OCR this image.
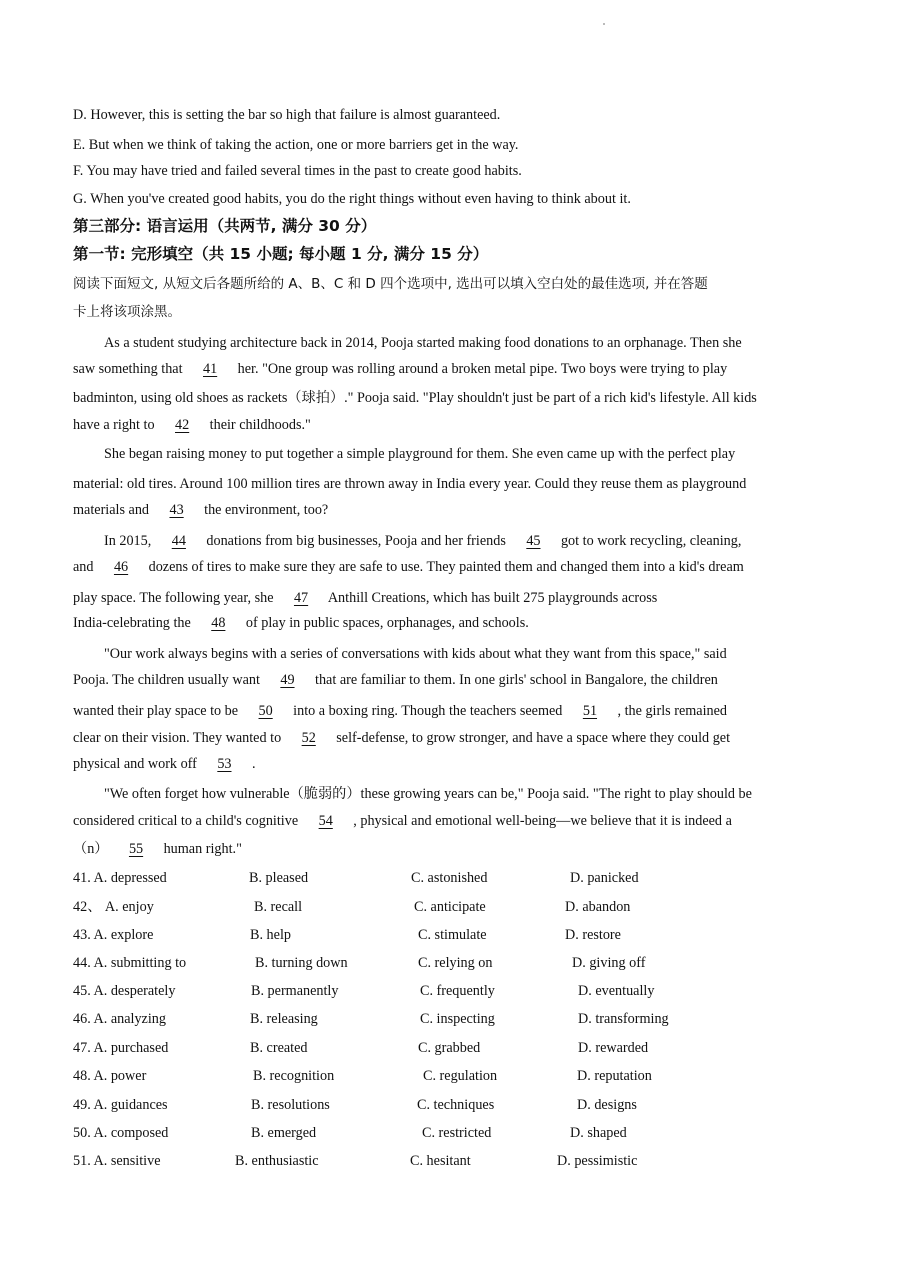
D. However, this is setting the bar so high that failure is almost guaranteed.
E. But when we think of taking the action, one or more barriers get in the way.
F. You may have tried and failed several times in the past to create good habits.
G. When you've created good habits, you do the right things without even having to think about it.
第三部分: 语言运用（共两节, 满分 30 分）
第一节: 完形填空（共 15 小题; 每小题 1 分, 满分 15 分）
阅读下面短文, 从短文后各题所给的 A、B、C 和 D 四个选项中, 选出可以填入空白处的最佳选项, 并在答题
卡上将该项涂黑。
As a student studying architecture back in 2014, Pooja started making food donations to an orphanage. Then she
saw something that 41 her. "One group was rolling around a broken metal pipe. Two boys were trying to play
badminton, using old shoes as rackets（球拍）." Pooja said. "Play shouldn't just be part of a rich kid's lifestyle. All kids
have a right to 42 their childhoods."
She began raising money to put together a simple playground for them. She even came up with the perfect play
material: old tires. Around 100 million tires are thrown away in India every year. Could they reuse them as playground
materials and 43 the environment, too?
In 2015, 44 donations from big businesses, Pooja and her friends 45 got to work recycling, cleaning,
and 46 dozens of tires to make sure they are safe to use. They painted them and changed them into a kid's dream
play space. The following year, she 47 Anthill Creations, which has built 275 playgrounds across
India-celebrating the 48 of play in public spaces, orphanages, and schools.
"Our work always begins with a series of conversations with kids about what they want from this space," said
Pooja. The children usually want 49 that are familiar to them. In one girls' school in Bangalore, the children
wanted their play space to be 50 into a boxing ring. Though the teachers seemed 51 , the girls remained
clear on their vision. They wanted to 52 self-defense, to grow stronger, and have a space where they could get
physical and work off 53 .
"We often forget how vulnerable（脆弱的）these growing years can be," Pooja said. "The right to play should be
considered critical to a child's cognitive 54 , physical and emotional well-being—we believe that it is indeed a
（n） 55 human right."
41. A. depressed	B. pleased	C. astonished	D. panicked
42、 A. enjoy	B. recall	C. anticipate	D. abandon
43. A. explore	B. help	C. stimulate	D. restore
44. A. submitting to	B. turning down	C. relying on	D. giving off
45. A. desperately	B. permanently	C. frequently	D. eventually
46. A. analyzing	B. releasing	C. inspecting	D. transforming
47. A. purchased	B. created	C. grabbed	D. rewarded
48. A. power	B. recognition	C. regulation	D. reputation
49. A. guidances	B. resolutions	C. techniques	D. designs
50. A. composed	B. emerged	C. restricted	D. shaped
51. A. sensitive	B. enthusiastic	C. hesitant	D. pessimistic
